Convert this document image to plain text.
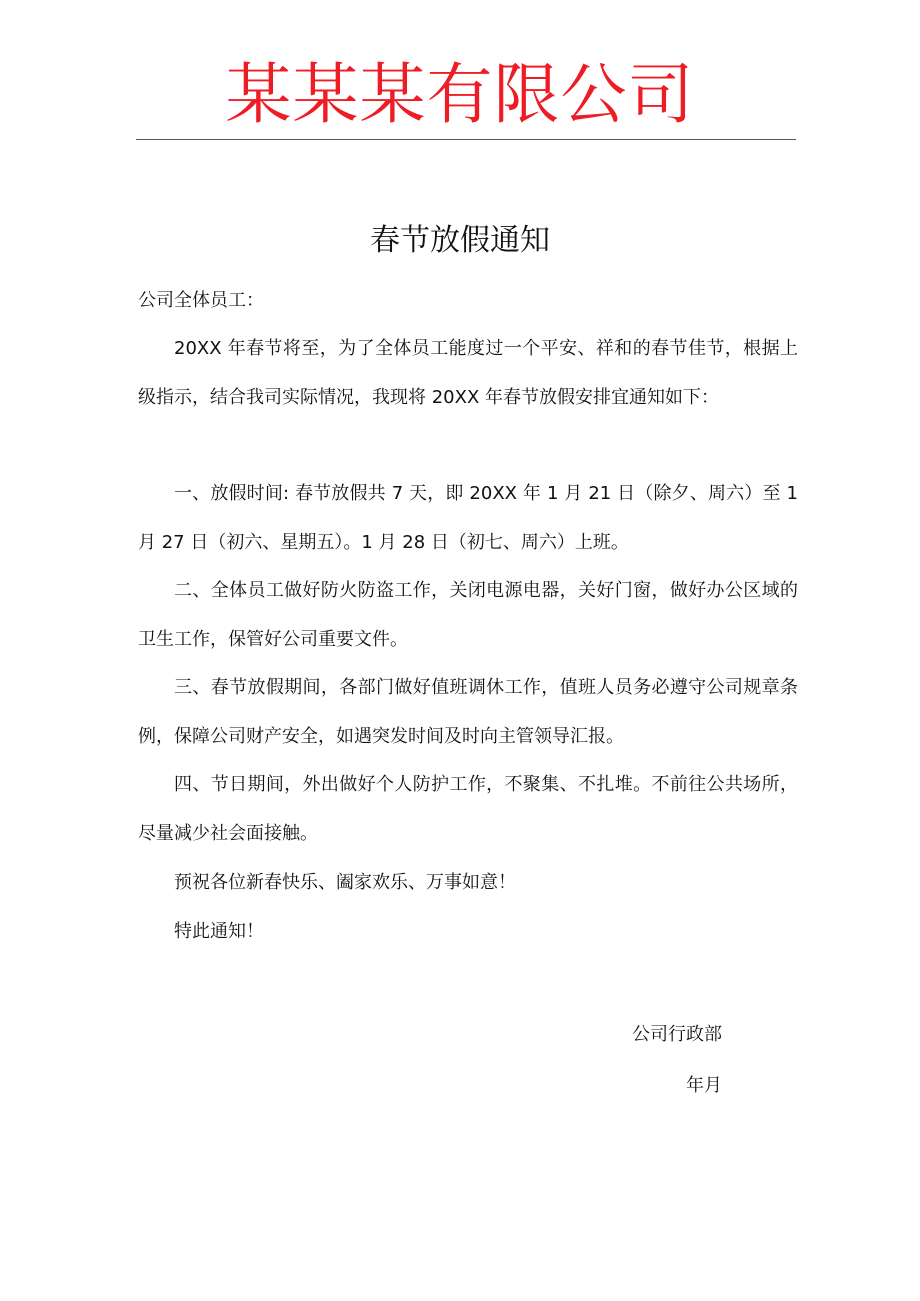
某某某有限公司
春节放假通知
公司全体员工：

20XX 年春节将至，为了全体员工能度过一个平安、祥和的春节佳节，根据上级指示，结合我司实际情况，我现将 20XX 年春节放假安排宜通知如下：

一、放假时间: 春节放假共 7 天，即 20XX 年 1 月 21 日（除夕、周六）至 1 月 27 日（初六、星期五）。1 月 28 日（初七、周六）上班。

二、全体员工做好防火防盗工作，关闭电源电器，关好门窗，做好办公区域的卫生工作，保管好公司重要文件。

三、春节放假期间，各部门做好值班调休工作，值班人员务必遵守公司规章条例，保障公司财产安全，如遇突发时间及时向主管领导汇报。

四、节日期间，外出做好个人防护工作，不聚集、不扎堆。不前往公共场所，尽量减少社会面接触。

预祝各位新春快乐、阖家欢乐、万事如意！

特此通知！

公司行政部
年月
